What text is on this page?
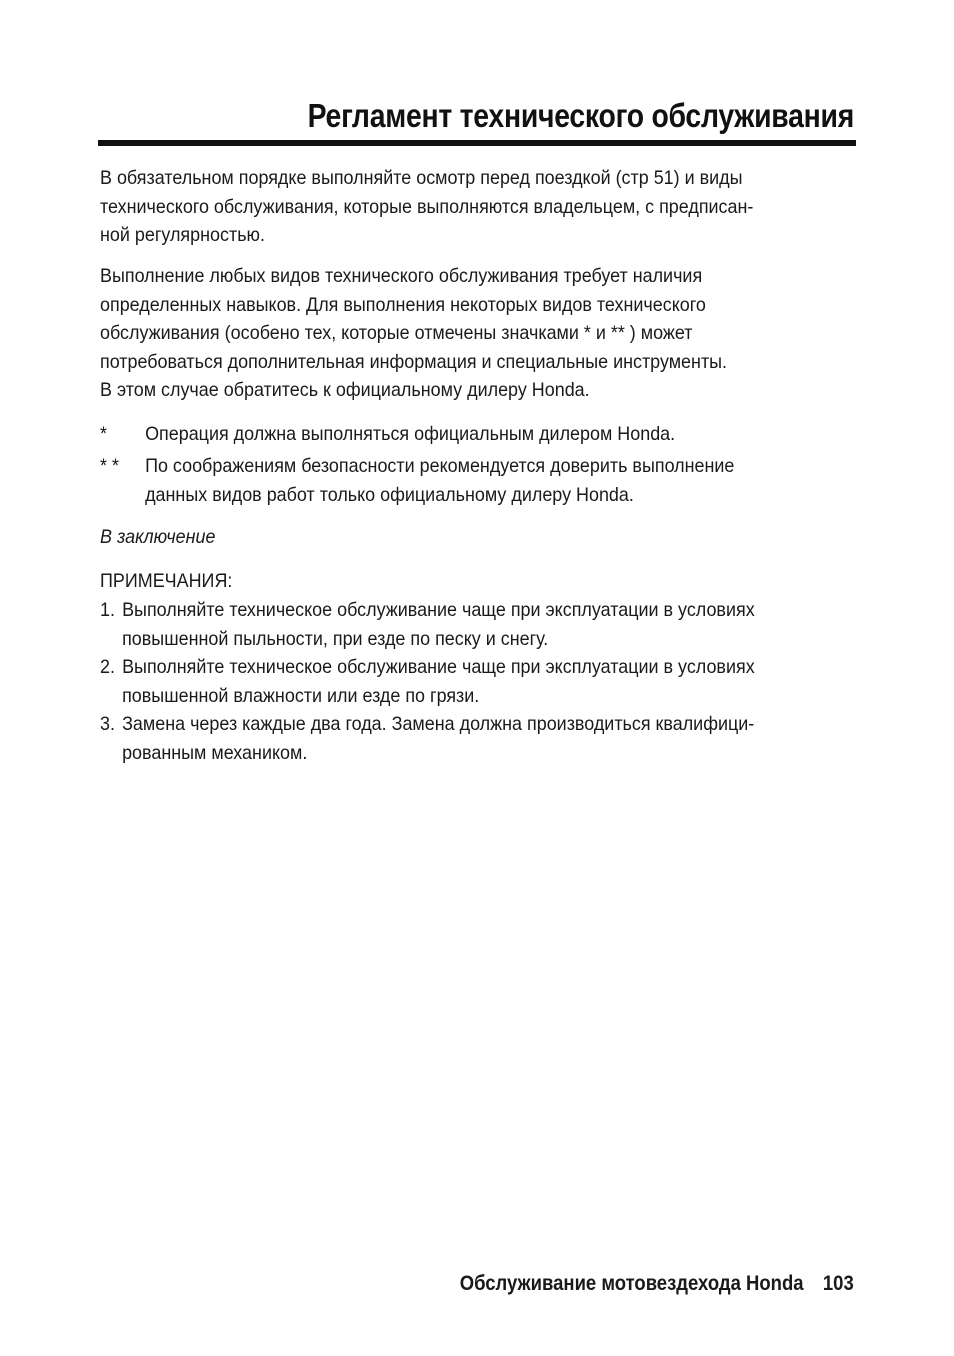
Регламент технического обслуживания
В обязательном порядке выполняйте осмотр перед поездкой (стр 51) и виды
технического обслуживания, которые выполняются владельцем, с предписан-
ной регулярностью.
Выполнение любых видов технического обслуживания требует наличия
определенных навыков. Для выполнения некоторых видов технического
обслуживания (особено тех, которые отмечены значками * и ** ) может
потребоваться дополнительная информация и специальные инструменты.
В этом случае обратитесь к официальному дилеру Honda.
* Операция должна выполняться официальным дилером Honda.
* * По соображениям безопасности рекомендуется доверить выполнение
данных видов работ только официальному дилеру Honda.
В заключение
ПРИМЕЧАНИЯ:
1. Выполняйте техническое обслуживание чаще при эксплуатации в условиях
повышенной пыльности, при езде по песку и снегу.
2. Выполняйте техническое обслуживание чаще при эксплуатации в условиях
повышенной влажности или езде по грязи.
3. Замена через каждые два года. Замена должна производиться квалифици-
рованным механиком.
Обслуживание мотовездехода Honda 103
